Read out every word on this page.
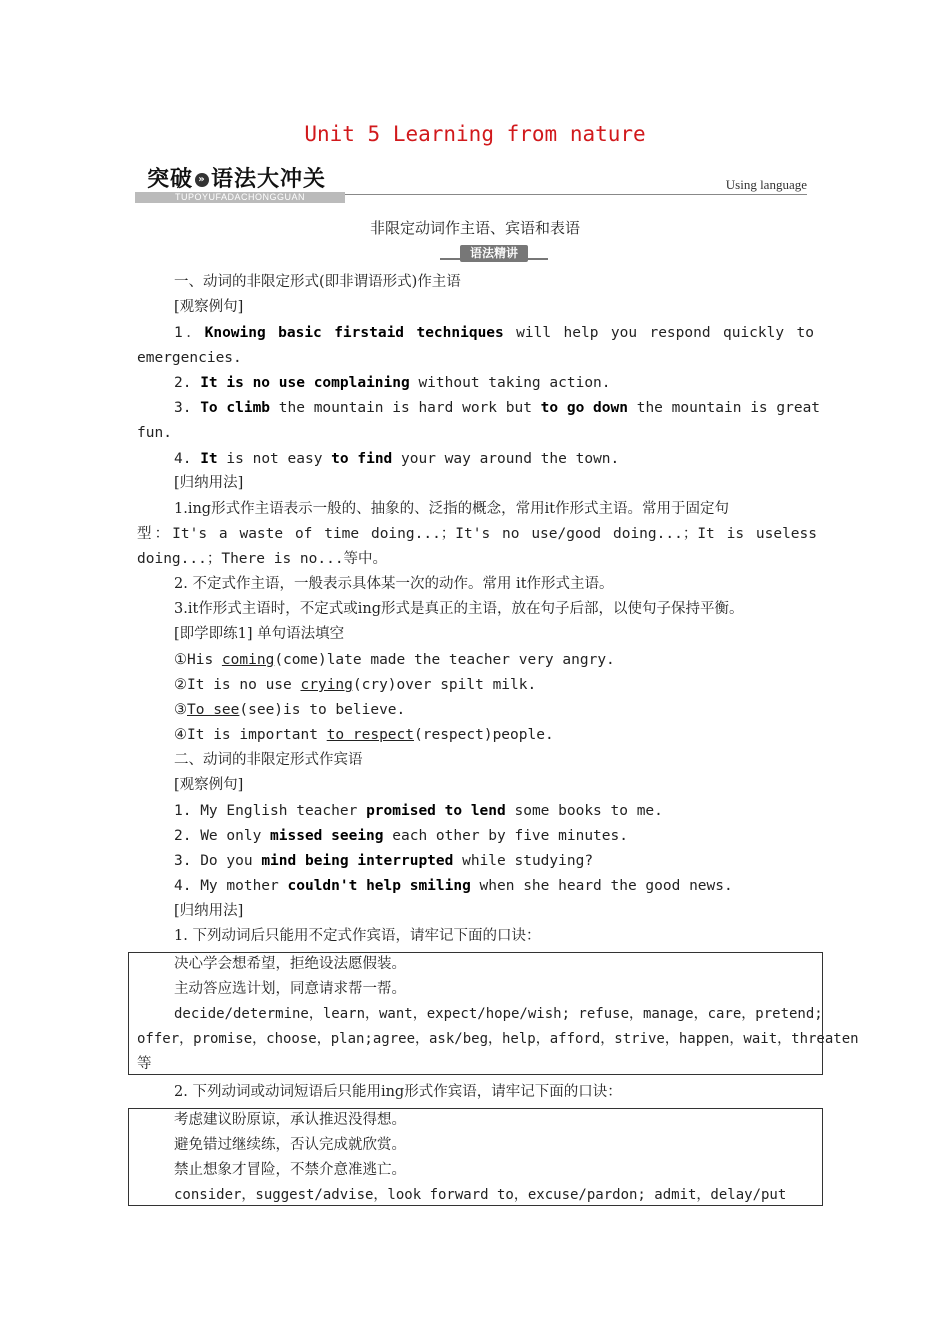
Unit 5 Learning from nature
突破 » 语法大冲关
TUPOYUFADACHONGGUAN
Using language
非限定动词作主语、宾语和表语
语法精讲
一、动词的非限定形式(即非谓语形式)作主语
[观察例句]
1．Knowing basic firstaid techniques will help you respond quickly to
emergencies.
2. It is no use complaining without taking action.
3. To climb the mountain is hard work but to go down the mountain is great
fun.
4. It is not easy to find your way around the town.
[归纳用法]
1.ing形式作主语表示一般的、抽象的、泛指的概念，常用it作形式主语。常用于固定句
型：It's a waste of time doing...；It's no use/good doing...；It is useless
doing...；There is no...等中。
2. 不定式作主语，一般表示具体某一次的动作。常用 it作形式主语。
3.it作形式主语时，不定式或ing形式是真正的主语，放在句子后部，以使句子保持平衡。
[即学即练1] 单句语法填空
①His coming(come)late made the teacher very angry.
②It is no use crying(cry)over spilt milk.
③To see(see)is to believe.
④It is important to respect(respect)people.
二、动词的非限定形式作宾语
[观察例句]
1. My English teacher promised to lend some books to me.
2. We only missed seeing each other by five minutes.
3. Do you mind being interrupted while studying?
4. My mother couldn't help smiling when she heard the good news.
[归纳用法]
1. 下列动词后只能用不定式作宾语，请牢记下面的口诀：
决心学会想希望，拒绝设法愿假装。
主动答应选计划，同意请求帮一帮。
decide/determine，learn，want，expect/hope/wish; refuse，manage，care，pretend;
offer，promise，choose，plan;agree，ask/beg，help，afford，strive，happen，wait，threaten
等
2. 下列动词或动词短语后只能用ing形式作宾语，请牢记下面的口诀：
考虑建议盼原谅，承认推迟没得想。
避免错过继续练，否认完成就欣赏。
禁止想象才冒险，不禁介意准逃亡。
consider，suggest/advise，look forward to，excuse/pardon; admit，delay/put
